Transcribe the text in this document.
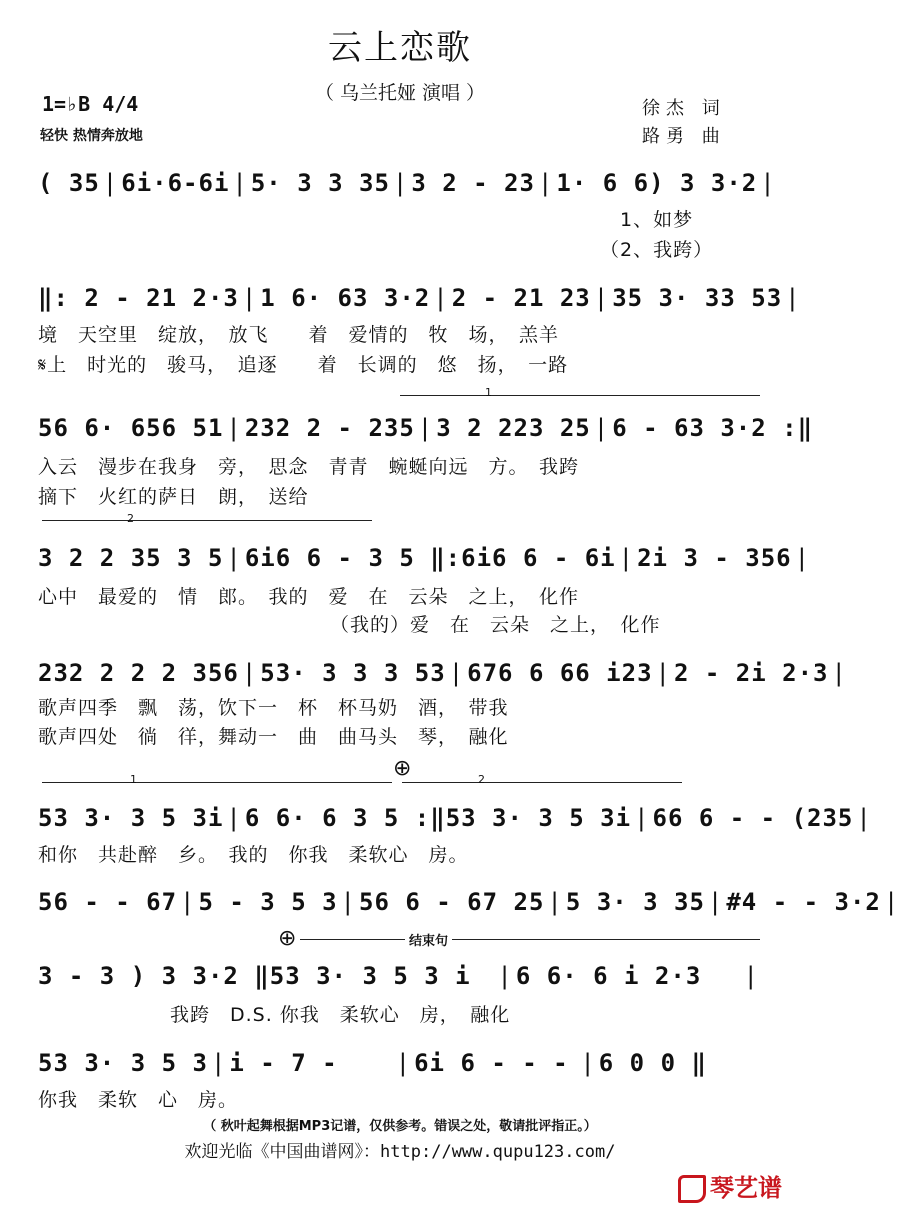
云上恋歌
（ 乌兰托娅 演唱 ）
1=♭B 4/4
轻快 热情奔放地
徐杰 词
路勇 曲
( 35 | 6i·6-6i | 5· 3 3 35 | 3 2 - 23 | 1· 6 6) 3 3·2 |
1、如梦
（2、我跨）
‖: 2 - 21 2·3 | 1 6· 63 3·2 | 2 - 21 23 | 35 3· 33 53 |
境　天空里　绽放，　放飞　　着　爱情的　牧　场，　羔羊
𝄋上　时光的　骏马，　追逐　　着　长调的　悠　扬，　一路
1
56 6· 656 51 | 232 2 - 235 | 3 2 223 25 | 6 - 63 3·2 :‖
入云　漫步在我身　旁，　思念　青青　蜿蜒向远　方。　我跨
摘下　火红的萨日　朗，　送给
2
3 2 2 35 3 5 | 6i6 6 - 3 5 ‖: 6i6 6 - 6i | 2i 3 - 356 |
心中　最爱的　情　郎。　我的　爱　在　云朵　之上，　化作
（我的）爱　在　云朵　之上，　化作
232 2 2 2 356 | 53· 3 3 3 53 | 676 6 66 i23 | 2 - 2i 2·3 |
歌声四季　飘　荡，饮下一　杯　杯马奶　酒，　带我
歌声四处　徜　徉，舞动一　曲　曲马头　琴，　融化
⊕
1	2
53 3· 3 5 3i | 6 6· 6 3 5 :‖ 53 3· 3 5 3i | 66 6 - - (235 |
和你　共赴醉　乡。　我的　你我　柔软心　房。
56 - - 67 | 5 - 3 5 3 | 56 6 - 67 25 | 5 3· 3 35 | #4 - - 3·2 |
⊕	结束句
3 - 3 ) 3 3·2 ‖ 53 3· 3 5 3 i	| 6 6· 6 i 2·3	|
我跨　D.S. 你我　柔软心　房，　融化
53 3· 3 5 3 | i - 7 -	| 6i 6 - - - | 6 0 0 ‖
你我　柔软　心　房。
（ 秋叶起舞根据MP3记谱，仅供参考。错误之处，敬请批评指正。）
欢迎光临《中国曲谱网》：http://www.qupu123.com/
琴艺谱
